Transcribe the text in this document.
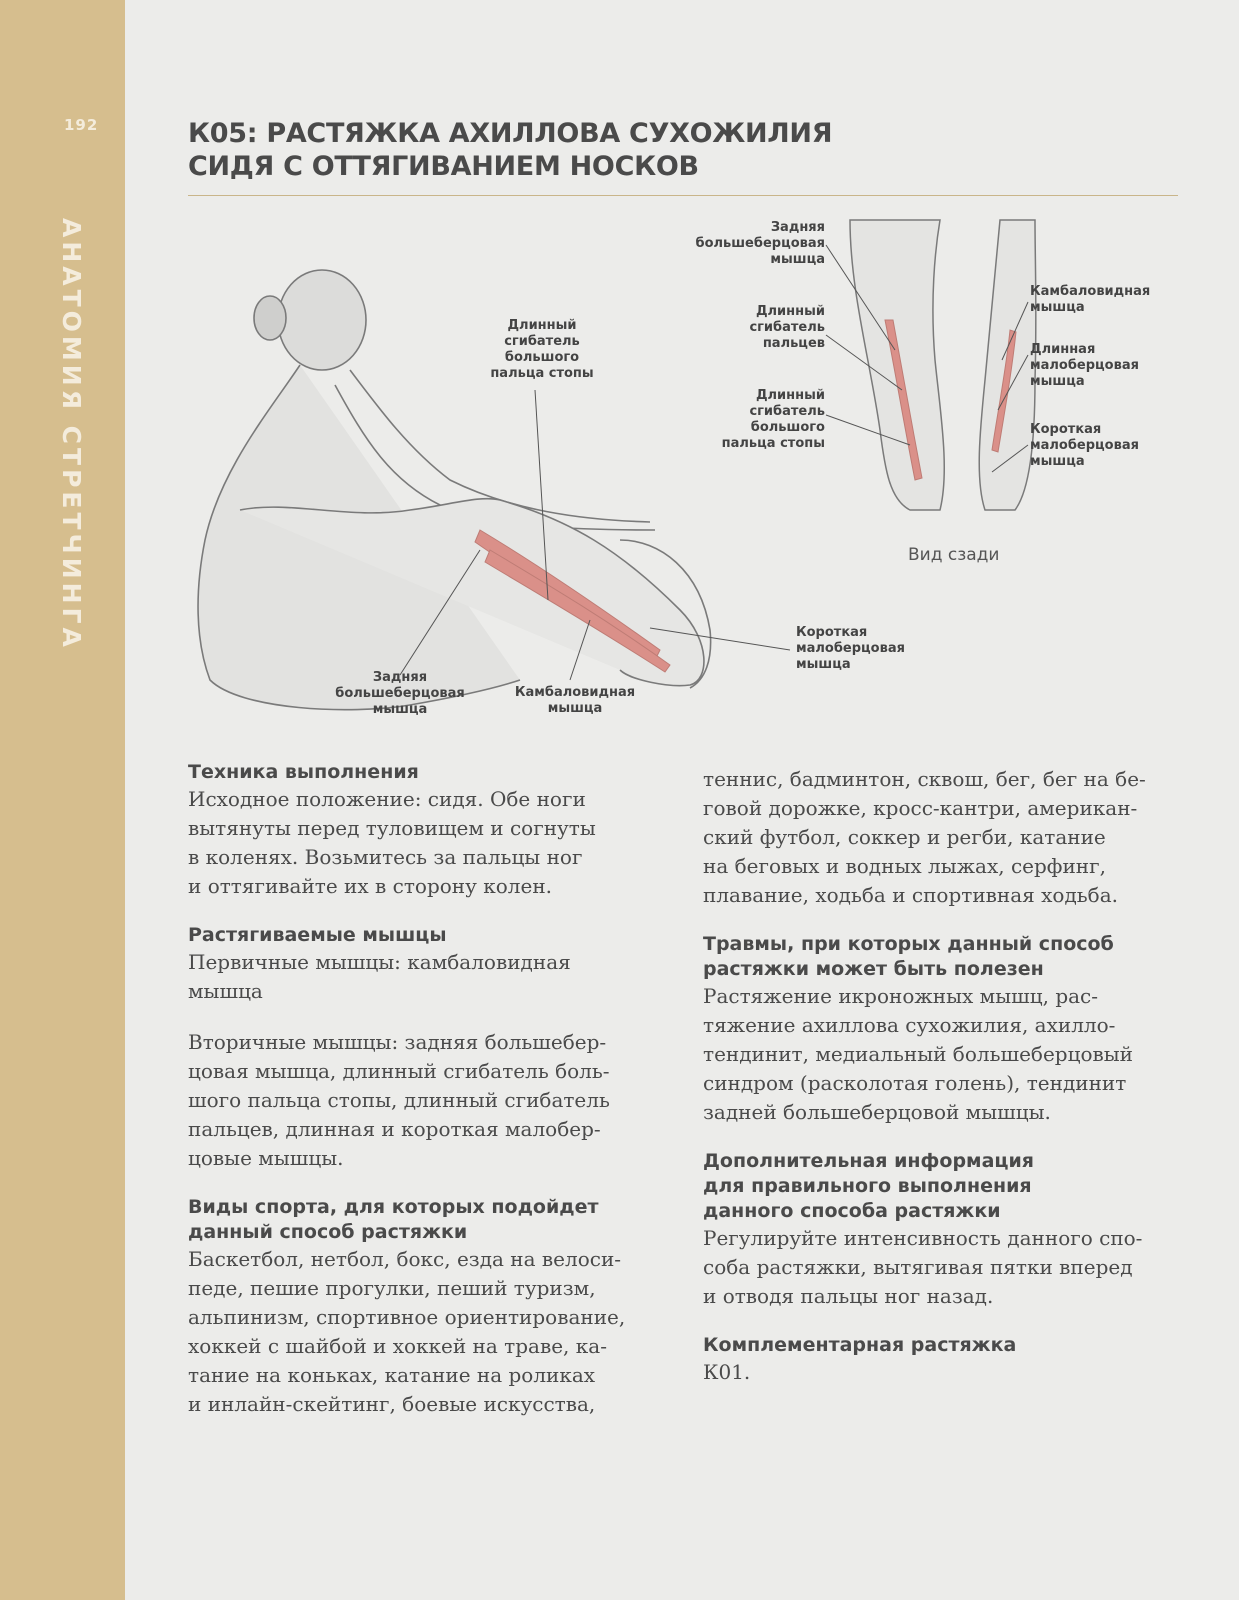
192
АНАТОМИЯ СТРЕТЧИНГА
К05: РАСТЯЖКА АХИЛЛОВА СУХОЖИЛИЯ
СИДЯ С ОТТЯГИВАНИЕМ НОСКОВ
Длинный
сгибатель
большого
пальца стопы
Задняя
большеберцовая
мышца
Камбаловидная
мышца
Короткая
малоберцовая
мышца
Задняя
большеберцовая
мышца
Длинный
сгибатель
пальцев
Длинный
сгибатель
большого
пальца стопы
Камбаловидная
мышца
Длинная
малоберцовая
мышца
Короткая
малоберцовая
мышца
Вид сзади
Техника выполнения
Исходное положение: сидя. Обе ноги
вытянуты перед туловищем и согнуты
в коленях. Возьмитесь за пальцы ног
и оттягивайте их в сторону колен.
Растягиваемые мышцы
Первичные мышцы: камбаловидная
мышца
Вторичные мышцы: задняя большебер-
цовая мышца, длинный сгибатель боль-
шого пальца стопы, длинный сгибатель
пальцев, длинная и короткая малобер-
цовые мышцы.
Виды спорта, для которых подойдет
данный способ растяжки
Баскетбол, нетбол, бокс, езда на велоси-
педе, пешие прогулки, пеший туризм,
альпинизм, спортивное ориентирование,
хоккей с шайбой и хоккей на траве, ка-
тание на коньках, катание на роликах
и инлайн-скейтинг, боевые искусства,
теннис, бадминтон, сквош, бег, бег на бе-
говой дорожке, кросс-кантри, американ-
ский футбол, соккер и регби, катание
на беговых и водных лыжах, серфинг,
плавание, ходьба и спортивная ходьба.
Травмы, при которых данный способ
растяжки может быть полезен
Растяжение икроножных мышц, рас-
тяжение ахиллова сухожилия, ахилло-
тендинит, медиальный большеберцовый
синдром (расколотая голень), тендинит
задней большеберцовой мышцы.
Дополнительная информация
для правильного выполнения
данного способа растяжки
Регулируйте интенсивность данного спо-
соба растяжки, вытягивая пятки вперед
и отводя пальцы ног назад.
Комплементарная растяжка
К01.
